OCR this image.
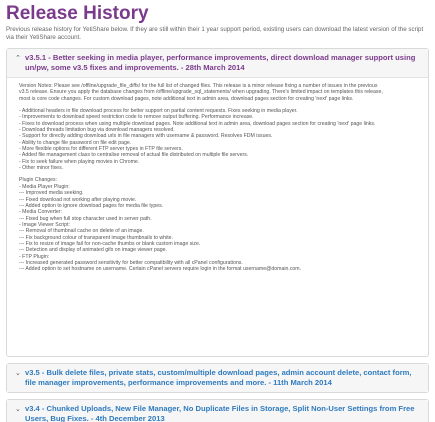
Release History
Previous release history for YetiShare below. If they are still within their 1 year support period, existing users can download the latest version of the script via their YetiShare account.
⌃ v3.5.1 - Better seeking in media player, performance improvements, direct download manager support using un/pw, some v3.5 fixes and improvements. - 28th March 2014
Version Notes: Please see /offline/upgrade_file_diffs/ for the full list of changed files. This release is a minor release fixing a number of issues in the previous
v3.5 release. Ensure you apply the database changes from /offline/upgrade_sql_statements/ when upgrading. There's limited impact on templates this release,
most is core code changes. For custom download pages, note additional text in admin area, download pages section for creating 'next' page links.
- Additional headers in file download process for better support on partial content requests. Fixes seeking in media player.
- Improvements to download speed restriction code to remove output buffering. Performance increase.
- Fixes to download process when using multiple download pages. Note additional text in admin area, download pages section for creating 'next' page links.
- Download threads limitation bug via download managers resolved.
- Support for directly adding download urls in file managers with username & password. Resolves FDM issues.
- Ability to change file password on file edit page.
- More flexible options for different FTP server types in FTP file servers.
- Added file management class to centralise removal of actual file distributed on multiple file servers.
- Fix to seek failure when playing movies in Chrome.
- Other minor fixes.
Plugin Changes:
- Media Player Plugin:
--- Improved media seeking.
--- Fixed download not working after playing movie.
--- Added option to ignore download pages for media file types.
- Media Converter:
--- Fixed bug when full stop character used in server path.
- Image Viewer Script:
--- Removal of thumbnail cache on delete of an image.
--- Fix background colour of transparent image thumbnails to white.
--- Fix to resize of image fail for non-cache thumbs or blank custom image size.
--- Detection and display of animated gifs on image viewer page.
- FTP Plugin:
--- Increased generated password sensitivity for better compatibility with all cPanel configurations.
--- Added option to set hostname on username. Certain cPanel servers require login in the format username@domain.com.
⌄ v3.5 - Bulk delete files, private stats, custom/multiple download pages, admin account delete, contact form, file manager improvements, performance improvements and more. - 11th March 2014
⌄ v3.4 - Chunked Uploads, New File Manager, No Duplicate Files in Storage, Split Non-User Settings from Free Users, Bug Fixes. - 4th December 2013
